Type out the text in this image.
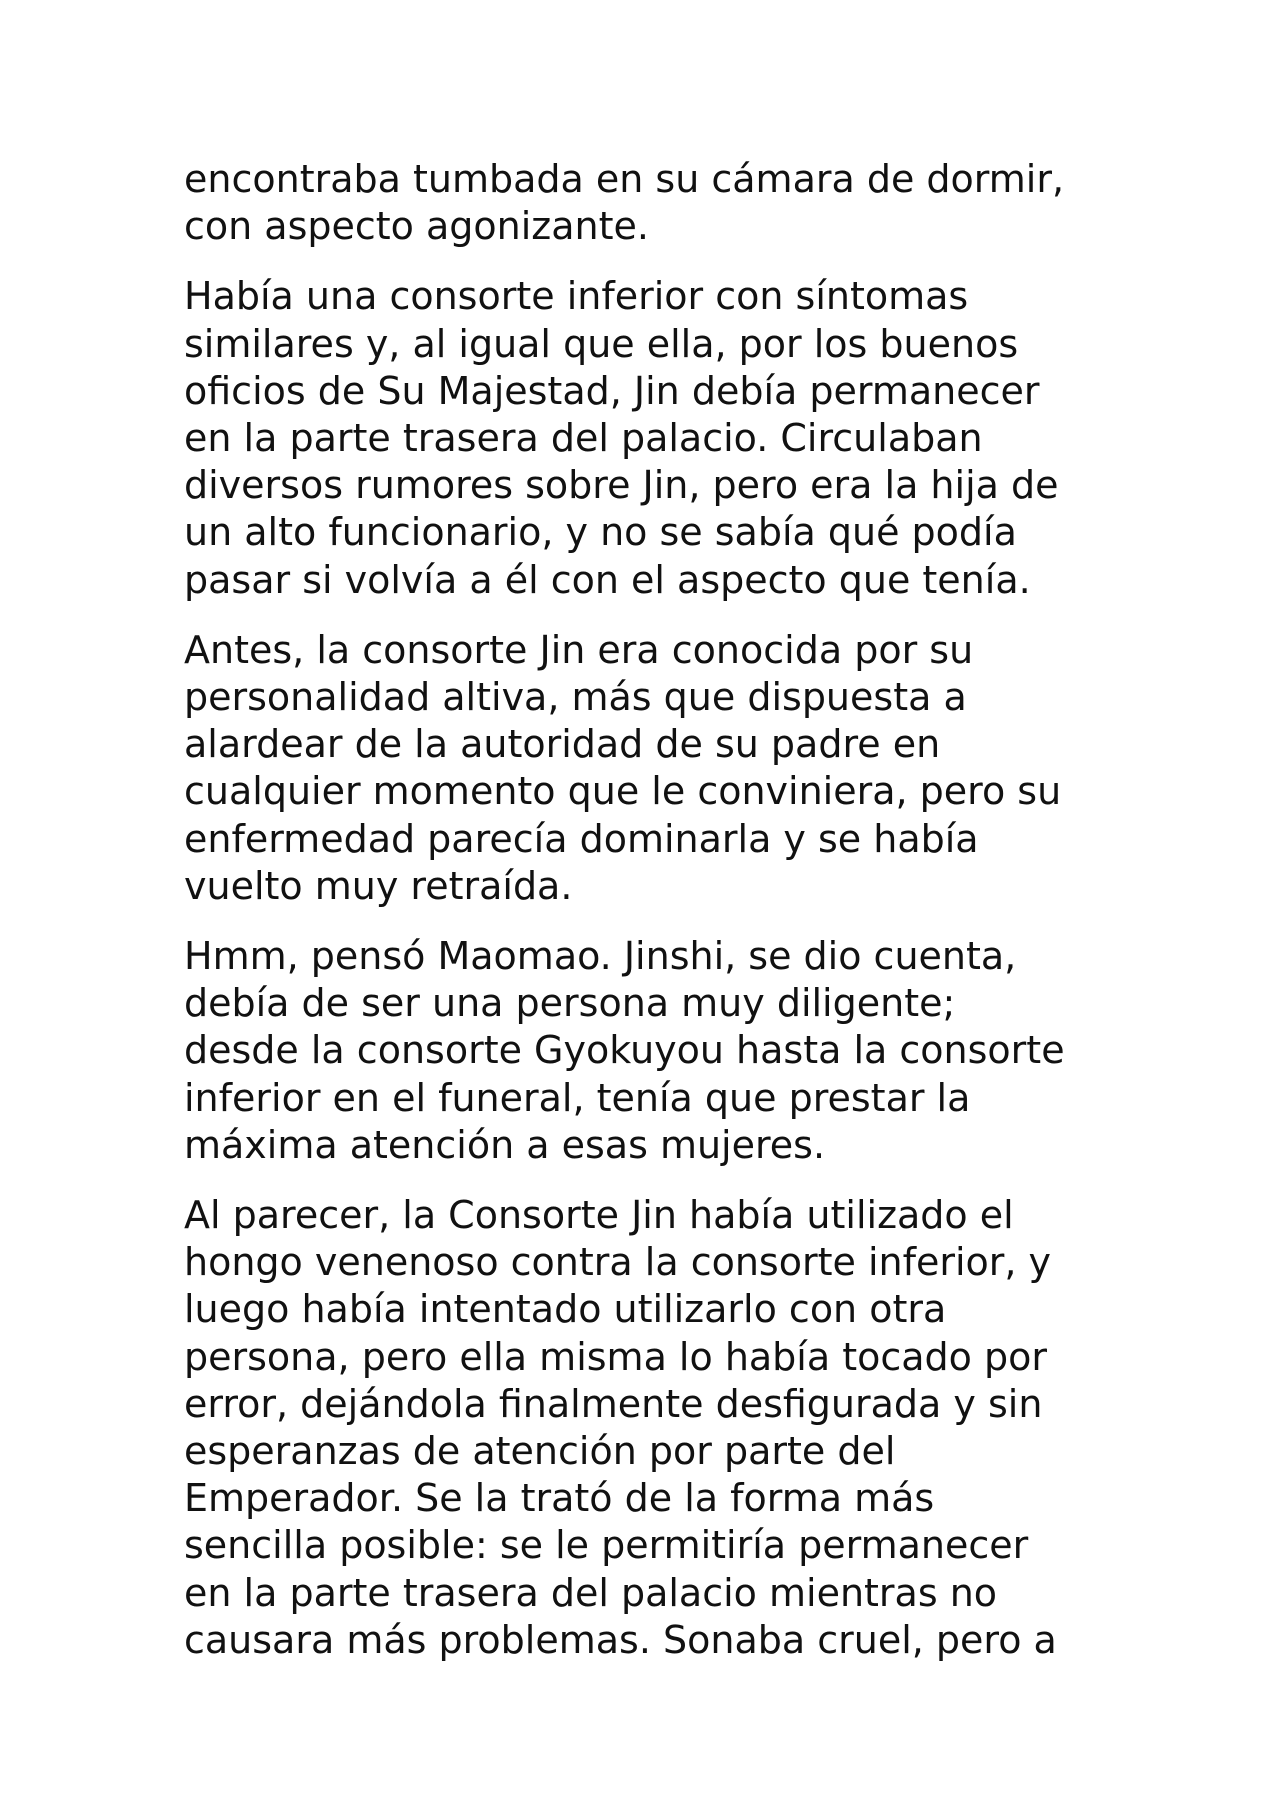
encontraba tumbada en su cámara de dormir,
con aspecto agonizante.

Había una consorte inferior con síntomas
similares y, al igual que ella, por los buenos
oficios de Su Majestad, Jin debía permanecer
en la parte trasera del palacio. Circulaban
diversos rumores sobre Jin, pero era la hija de
un alto funcionario, y no se sabía qué podía
pasar si volvía a él con el aspecto que tenía.

Antes, la consorte Jin era conocida por su
personalidad altiva, más que dispuesta a
alardear de la autoridad de su padre en
cualquier momento que le conviniera, pero su
enfermedad parecía dominarla y se había
vuelto muy retraída.

Hmm, pensó Maomao. Jinshi, se dio cuenta,
debía de ser una persona muy diligente;
desde la consorte Gyokuyou hasta la consorte
inferior en el funeral, tenía que prestar la
máxima atención a esas mujeres.

Al parecer, la Consorte Jin había utilizado el
hongo venenoso contra la consorte inferior, y
luego había intentado utilizarlo con otra
persona, pero ella misma lo había tocado por
error, dejándola finalmente desfigurada y sin
esperanzas de atención por parte del
Emperador. Se la trató de la forma más
sencilla posible: se le permitiría permanecer
en la parte trasera del palacio mientras no
causara más problemas. Sonaba cruel, pero a
